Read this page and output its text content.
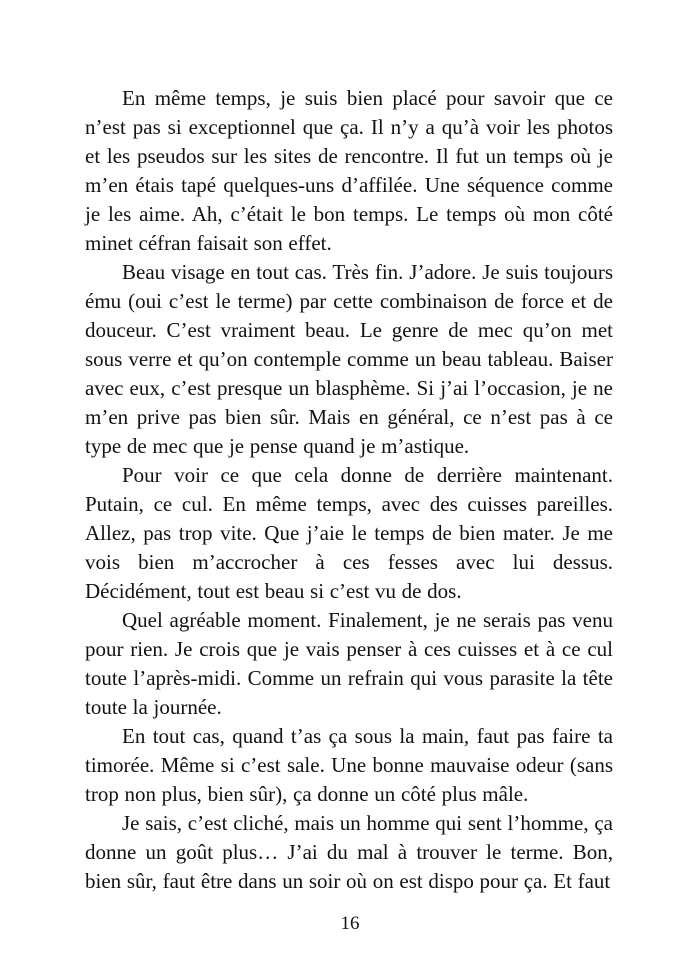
En même temps, je suis bien placé pour savoir que ce n’est pas si exceptionnel que ça. Il n’y a qu’à voir les photos et les pseudos sur les sites de rencontre. Il fut un temps où je m’en étais tapé quelques-uns d’affilée. Une séquence comme je les aime. Ah, c’était le bon temps. Le temps où mon côté minet céfran faisait son effet.

Beau visage en tout cas. Très fin. J’adore. Je suis toujours ému (oui c’est le terme) par cette combinaison de force et de douceur. C’est vraiment beau. Le genre de mec qu’on met sous verre et qu’on contemple comme un beau tableau. Baiser avec eux, c’est presque un blasphème. Si j’ai l’occasion, je ne m’en prive pas bien sûr. Mais en général, ce n’est pas à ce type de mec que je pense quand je m’astique.

Pour voir ce que cela donne de derrière maintenant. Putain, ce cul. En même temps, avec des cuisses pareilles. Allez, pas trop vite. Que j’aie le temps de bien mater. Je me vois bien m’accrocher à ces fesses avec lui dessus. Décidément, tout est beau si c’est vu de dos.

Quel agréable moment. Finalement, je ne serais pas venu pour rien. Je crois que je vais penser à ces cuisses et à ce cul toute l’après-midi. Comme un refrain qui vous parasite la tête toute la journée.

En tout cas, quand t’as ça sous la main, faut pas faire ta timorée. Même si c’est sale. Une bonne mauvaise odeur (sans trop non plus, bien sûr), ça donne un côté plus mâle.

Je sais, c’est cliché, mais un homme qui sent l’homme, ça donne un goût plus… J’ai du mal à trouver le terme. Bon, bien sûr, faut être dans un soir où on est dispo pour ça. Et faut

16
